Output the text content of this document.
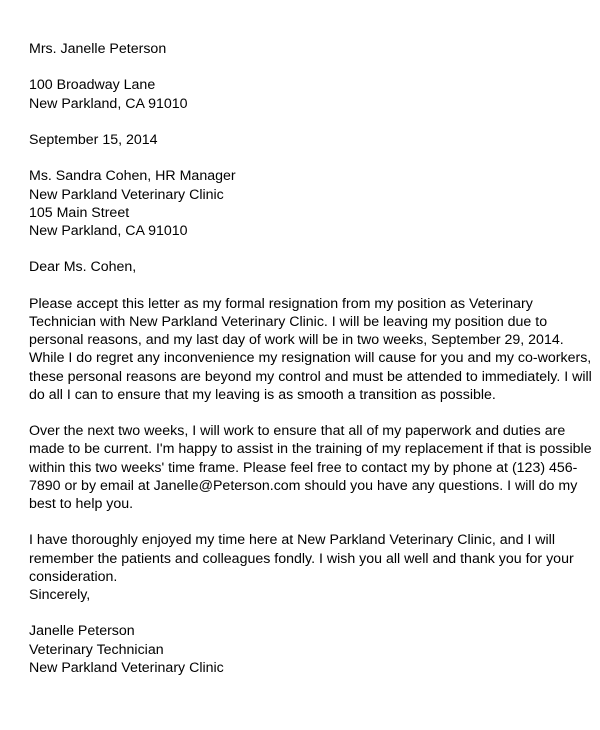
Mrs. Janelle Peterson
100 Broadway Lane
New Parkland, CA 91010
September 15, 2014
Ms. Sandra Cohen, HR Manager
New Parkland Veterinary Clinic
105 Main Street
New Parkland, CA 91010
Dear Ms. Cohen,
Please accept this letter as my formal resignation from my position as Veterinary
Technician with New Parkland Veterinary Clinic. I will be leaving my position due to
personal reasons, and my last day of work will be in two weeks, September 29, 2014.
While I do regret any inconvenience my resignation will cause for you and my co-workers,
these personal reasons are beyond my control and must be attended to immediately. I will
do all I can to ensure that my leaving is as smooth a transition as possible.
Over the next two weeks, I will work to ensure that all of my paperwork and duties are
made to be current. I'm happy to assist in the training of my replacement if that is possible
within this two weeks' time frame. Please feel free to contact my by phone at (123) 456-
7890 or by email at Janelle@Peterson.com should you have any questions. I will do my
best to help you.
I have thoroughly enjoyed my time here at New Parkland Veterinary Clinic, and I will
remember the patients and colleagues fondly. I wish you all well and thank you for your
consideration.
Sincerely,
Janelle Peterson
Veterinary Technician
New Parkland Veterinary Clinic
